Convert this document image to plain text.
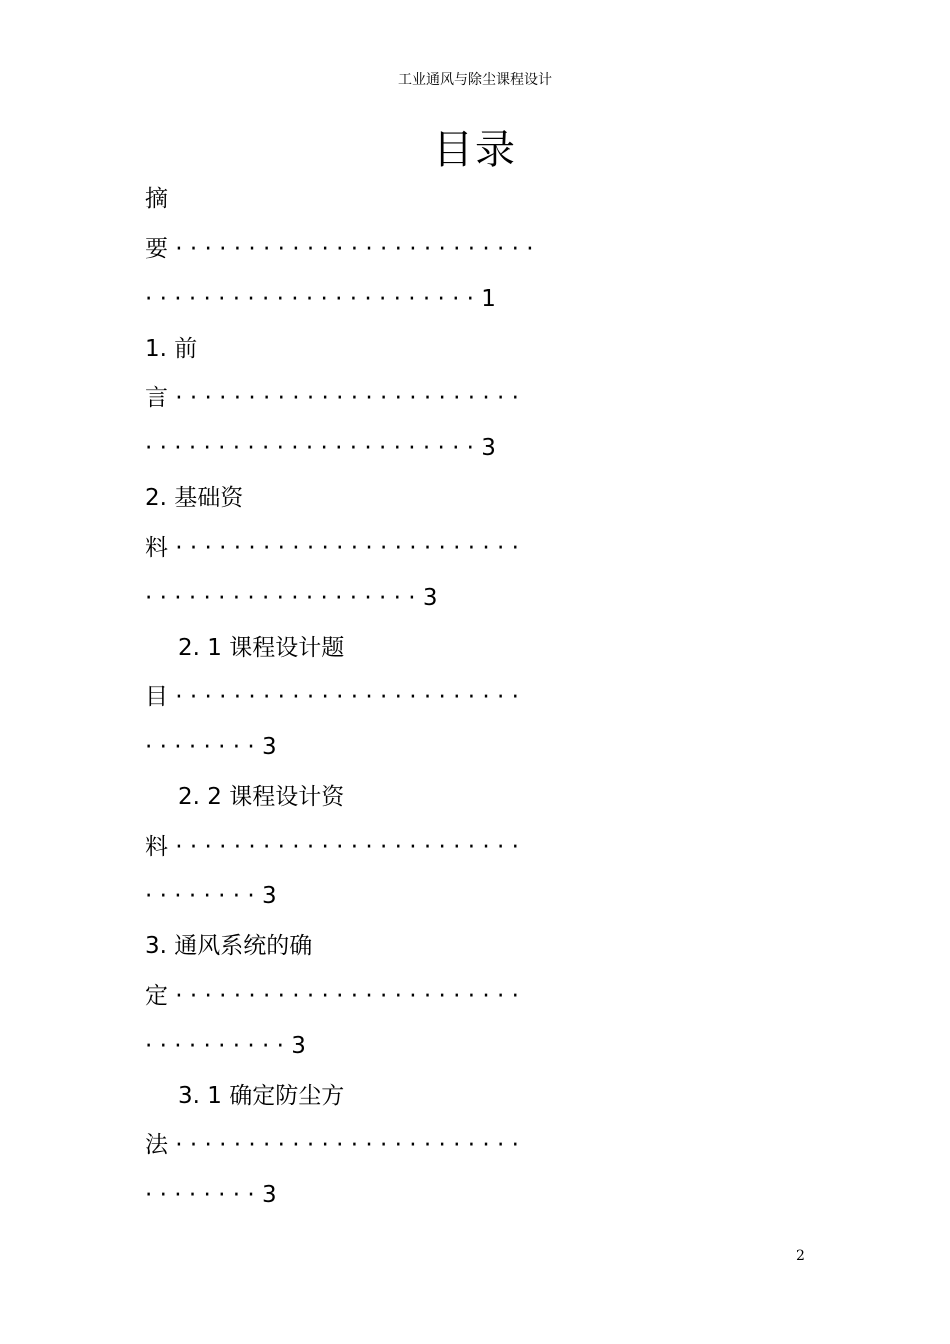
工业通风与除尘课程设计
目录
摘
要 · · · · · · · · · · · · · · · · · · · · · · · · ·
· · · · · · · · · · · · · · · · · · · · · · · 1
1. 前
言 · · · · · · · · · · · · · · · · · · · · · · · ·
· · · · · · · · · · · · · · · · · · · · · · · 3
2. 基础资
料 · · · · · · · · · · · · · · · · · · · · · · · ·
· · · · · · · · · · · · · · · · · · · 3
2. 1 课程设计题
目 · · · · · · · · · · · · · · · · · · · · · · · ·
· · · · · · · · 3
2. 2 课程设计资
料 · · · · · · · · · · · · · · · · · · · · · · · ·
· · · · · · · · 3
3. 通风系统的确
定 · · · · · · · · · · · · · · · · · · · · · · · ·
· · · · · · · · · · 3
3. 1 确定防尘方
法 · · · · · · · · · · · · · · · · · · · · · · · ·
· · · · · · · · 3
2
